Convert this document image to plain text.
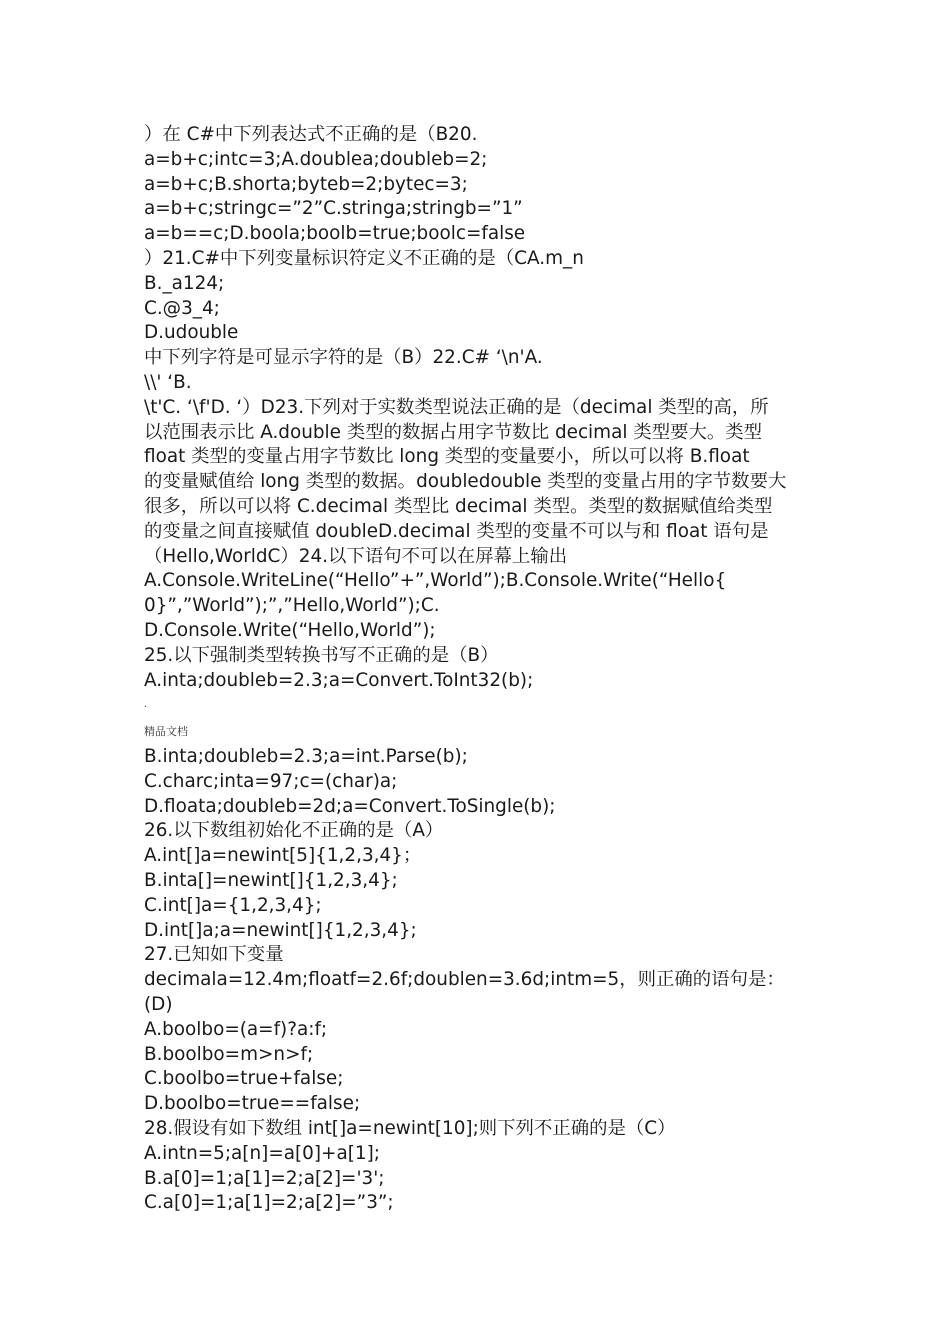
）在 C#中下列表达式不正确的是（B20.
a=b+c;intc=3;A.doublea;doubleb=2;
a=b+c;B.shorta;byteb=2;bytec=3;
a=b+c;stringc=”2”C.stringa;stringb=”1”
a=b==c;D.boola;boolb=true;boolc=false
）21.C#中下列变量标识符定义不正确的是（CA.m_n
B._a124;
C.@3_4;
D.udouble
中下列字符是可显示字符的是（B）22.C# ‘\n'A.
\\' ‘B.
\t'C. ‘\f'D. ‘）D23.下列对于实数类型说法正确的是（decimal 类型的高，所
以范围表示比 A.double 类型的数据占用字节数比 decimal 类型要大。类型
float 类型的变量占用字节数比 long 类型的变量要小，所以可以将 B.float
的变量赋值给 long 类型的数据。doubledouble 类型的变量占用的字节数要大
很多，所以可以将 C.decimal 类型比 decimal 类型。类型的数据赋值给类型
的变量之间直接赋值 doubleD.decimal 类型的变量不可以与和 float 语句是
（Hello,WorldC）24.以下语句不可以在屏幕上输出
A.Console.WriteLine(“Hello”+”,World”);B.Console.Write(“Hello{
0}”,”World”);”,”Hello,World”);C.
D.Console.Write(“Hello,World”);
25.以下强制类型转换书写不正确的是（B）
A.inta;doubleb=2.3;a=Convert.ToInt32(b);
.
精品文档
B.inta;doubleb=2.3;a=int.Parse(b);
C.charc;inta=97;c=(char)a;
D.floata;doubleb=2d;a=Convert.ToSingle(b);
26.以下数组初始化不正确的是（A）
A.int[]a=newint[5]{1,2,3,4}；
B.inta[]=newint[]{1,2,3,4};
C.int[]a={1,2,3,4};
D.int[]a;a=newint[]{1,2,3,4};
27.已知如下变量
decimala=12.4m;floatf=2.6f;doublen=3.6d;intm=5，则正确的语句是：
(D)
A.boolbo=(a=f)?a:f;
B.boolbo=m>n>f;
C.boolbo=true+false;
D.boolbo=true==false;
28.假设有如下数组 int[]a=newint[10];则下列不正确的是（C）
A.intn=5;a[n]=a[0]+a[1];
B.a[0]=1;a[1]=2;a[2]='3';
C.a[0]=1;a[1]=2;a[2]=”3”;
